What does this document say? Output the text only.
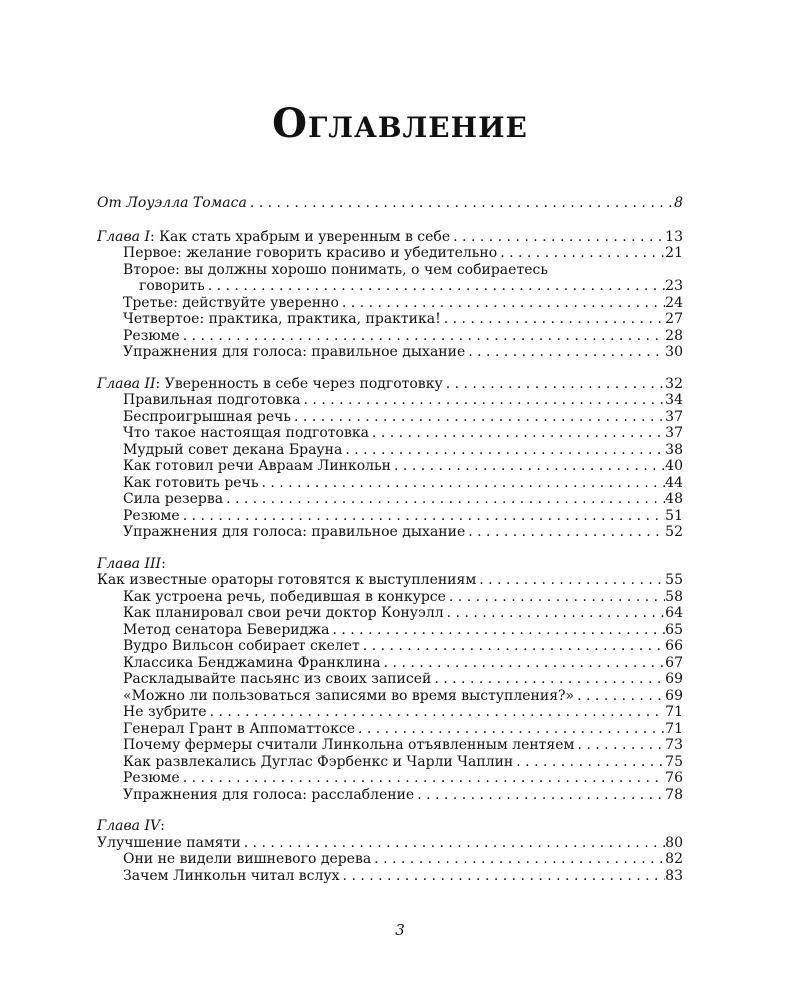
Оглавление
От Лоуэлла Томаса . . .	8
Глава I: Как стать храбрым и уверенным в себе . . .	13
Первое: желание говорить красиво и убедительно . . .	21
Второе: вы должны хорошо понимать, о чем собираетесь
говорить . . .	23
Третье: действуйте уверенно . . .	24
Четвертое: практика, практика, практика! . . .	27
Резюме . . .	28
Упражнения для голоса: правильное дыхание . . .	30
Глава II: Уверенность в себе через подготовку . . .	32
Правильная подготовка . . .	34
Беспроигрышная речь . . .	37
Что такое настоящая подготовка . . .	37
Мудрый совет декана Брауна . . .	38
Как готовил речи Авраам Линкольн . . .	40
Как готовить речь . . .	44
Сила резерва . . .	48
Резюме . . .	51
Упражнения для голоса: правильное дыхание . . .	52
Глава III:
Как известные ораторы готовятся к выступлениям . . .	55
Как устроена речь, победившая в конкурсе . . .	58
Как планировал свои речи доктор Конуэлл . . .	64
Метод сенатора Бевериджа . . .	65
Вудро Вильсон собирает скелет . . .	66
Классика Бенджамина Франклина . . .	67
Раскладывайте пасьянс из своих записей . . .	69
«Можно ли пользоваться записями во время выступления?» . . .	69
Не зубрите . . .	71
Генерал Грант в Аппоматтоксе . . .	71
Почему фермеры считали Линкольна отъявленным лентяем . . .	73
Как развлекались Дуглас Фэрбенкс и Чарли Чаплин . . .	75
Резюме . . .	76
Упражнения для голоса: расслабление . . .	78
Глава IV:
Улучшение памяти . . .	80
Они не видели вишневого дерева . . .	82
Зачем Линкольн читал вслух . . .	83
3
